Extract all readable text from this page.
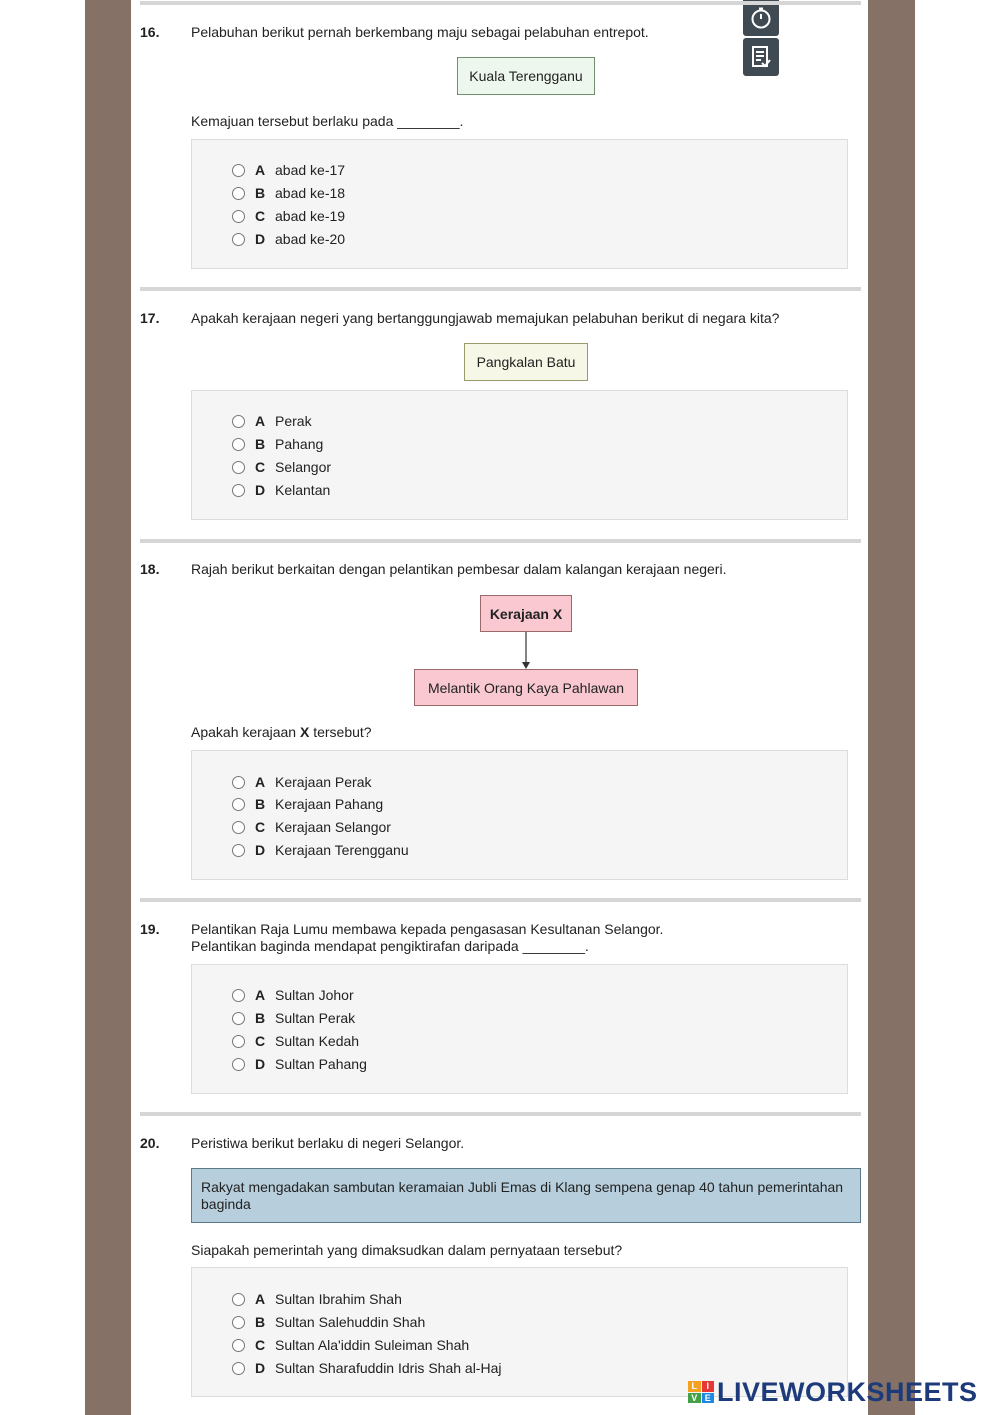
16. Pelabuhan berikut pernah berkembang maju sebagai pelabuhan entrepot.
Kuala Terengganu
Kemajuan tersebut berlaku pada ________.
A abad ke-17
B abad ke-18
C abad ke-19
D abad ke-20
17. Apakah kerajaan negeri yang bertanggungjawab memajukan pelabuhan berikut di negara kita?
Pangkalan Batu
A Perak
B Pahang
C Selangor
D Kelantan
18. Rajah berikut berkaitan dengan pelantikan pembesar dalam kalangan kerajaan negeri.
Kerajaan X
Melantik Orang Kaya Pahlawan
Apakah kerajaan X tersebut?
A Kerajaan Perak
B Kerajaan Pahang
C Kerajaan Selangor
D Kerajaan Terengganu
19. Pelantikan Raja Lumu membawa kepada pengasasan Kesultanan Selangor.
Pelantikan baginda mendapat pengiktirafan daripada ________.
A Sultan Johor
B Sultan Perak
C Sultan Kedah
D Sultan Pahang
20. Peristiwa berikut berlaku di negeri Selangor.
Rakyat mengadakan sambutan keramaian Jubli Emas di Klang sempena genap 40 tahun pemerintahan baginda
Siapakah pemerintah yang dimaksudkan dalam pernyataan tersebut?
A Sultan Ibrahim Shah
B Sultan Salehuddin Shah
C Sultan Ala'iddin Suleiman Shah
D Sultan Sharafuddin Idris Shah al-Haj
L	I
V E LIVEWORKSHEETS
